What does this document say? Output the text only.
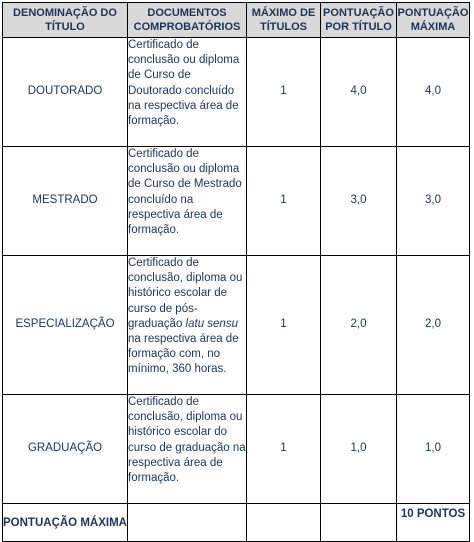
DENOMINAÇÃO DO TÍTULO	DOCUMENTOS COMPROBATÓRIOS	MÁXIMO DE TÍTULOS	PONTUAÇÃO POR TÍTULO	PONTUAÇÃO MÁXIMA
DOUTORADO	Certificado de conclusão ou diploma de Curso de Doutorado concluído na respectiva área de formação.	1	4,0	4,0
MESTRADO	Certificado de conclusão ou diploma de Curso de Mestrado concluído na respectiva área de formação.	1	3,0	3,0
ESPECIALIZAÇÃO	Certificado de conclusão, diploma ou histórico escolar de curso de pós-graduação latu sensu na respectiva área de formação com, no mínimo, 360 horas.	1	2,0	2,0
GRADUAÇÃO	Certificado de conclusão, diploma ou histórico escolar do curso de graduação na respectiva área de formação.	1	1,0	1,0
PONTUAÇÃO MÁXIMA				10 PONTOS
